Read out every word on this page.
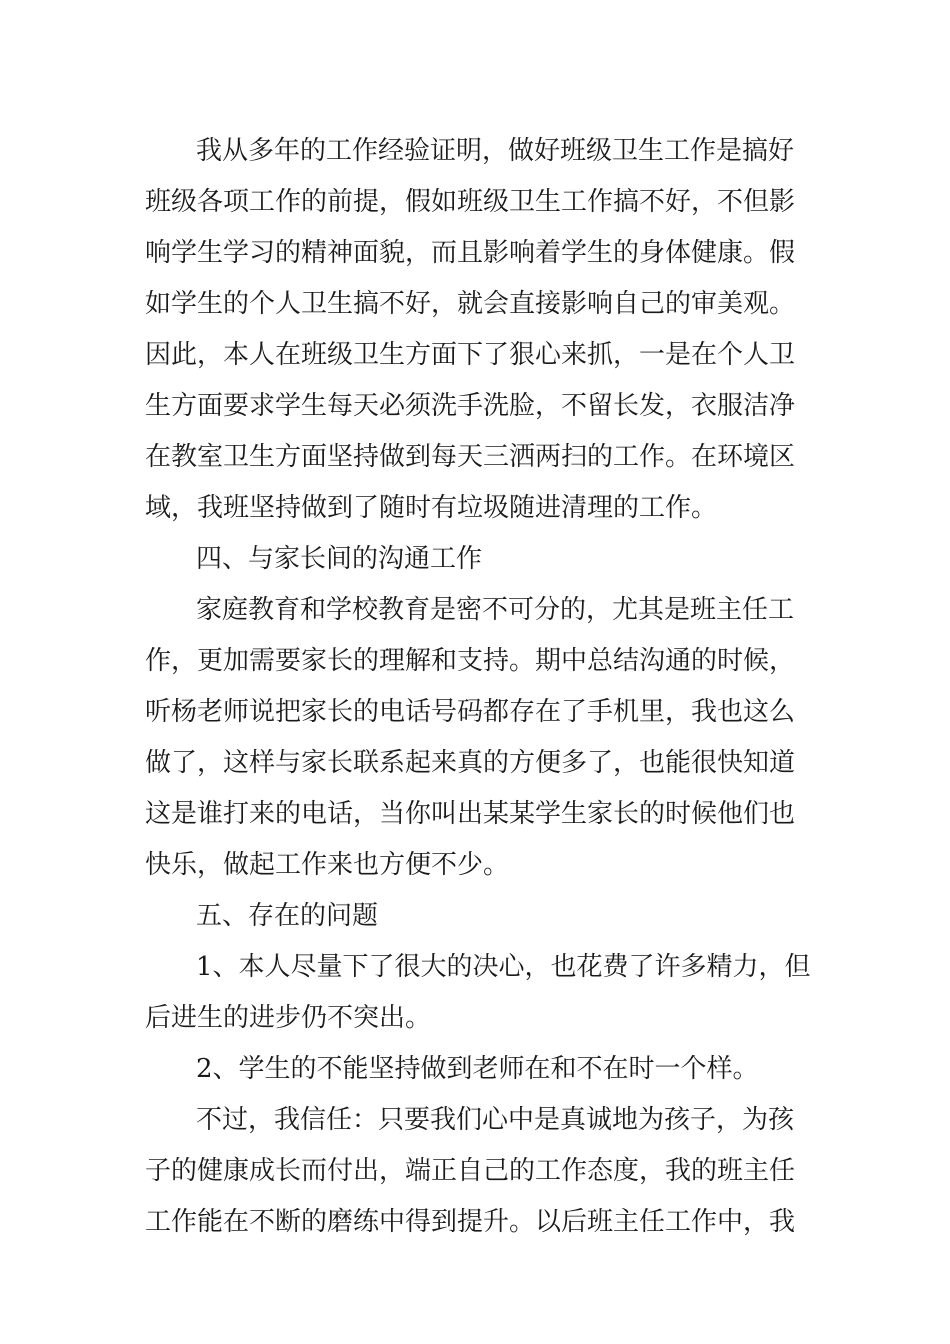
我从多年的工作经验证明，做好班级卫生工作是搞好
班级各项工作的前提，假如班级卫生工作搞不好，不但影
响学生学习的精神面貌，而且影响着学生的身体健康。假
如学生的个人卫生搞不好，就会直接影响自己的审美观。
因此，本人在班级卫生方面下了狠心来抓，一是在个人卫
生方面要求学生每天必须洗手洗脸，不留长发，衣服洁净
在教室卫生方面坚持做到每天三洒两扫的工作。在环境区
域，我班坚持做到了随时有垃圾随进清理的工作。
四、与家长间的沟通工作
家庭教育和学校教育是密不可分的，尤其是班主任工
作，更加需要家长的理解和支持。期中总结沟通的时候，
听杨老师说把家长的电话号码都存在了手机里，我也这么
做了，这样与家长联系起来真的方便多了，也能很快知道
这是谁打来的电话，当你叫出某某学生家长的时候他们也
快乐，做起工作来也方便不少。
五、存在的问题
1、本人尽量下了很大的决心，也花费了许多精力，但
后进生的进步仍不突出。
2、学生的不能坚持做到老师在和不在时一个样。
不过，我信任：只要我们心中是真诚地为孩子，为孩
子的健康成长而付出，端正自己的工作态度，我的班主任
工作能在不断的磨练中得到提升。以后班主任工作中，我
